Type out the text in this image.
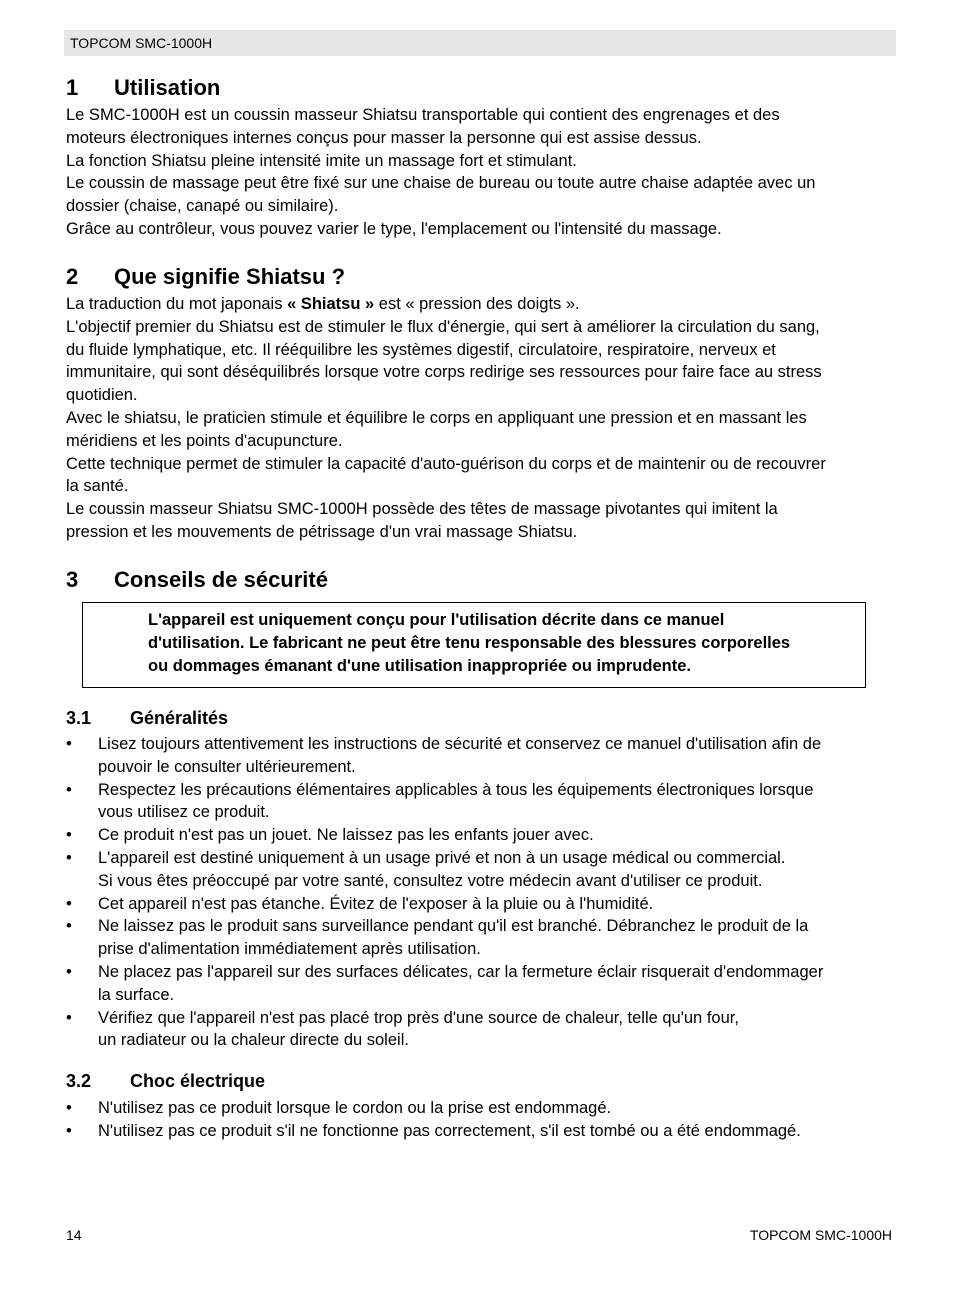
TOPCOM SMC-1000H
1 Utilisation

Le SMC-1000H est un coussin masseur Shiatsu transportable qui contient des engrenages et des

moteurs électroniques internes conçus pour masser la personne qui est assise dessus.

La fonction Shiatsu pleine intensité imite un massage fort et stimulant.

Le coussin de massage peut être fixé sur une chaise de bureau ou toute autre chaise adaptée avec un

dossier (chaise, canapé ou similaire).

Grâce au contrôleur, vous pouvez varier le type, l'emplacement ou l'intensité du massage.

2 Que signifie Shiatsu ?

La traduction du mot japonais « Shiatsu » est « pression des doigts ».

L'objectif premier du Shiatsu est de stimuler le flux d'énergie, qui sert à améliorer la circulation du sang,

du fluide lymphatique, etc. Il rééquilibre les systèmes digestif, circulatoire, respiratoire, nerveux et

immunitaire, qui sont déséquilibrés lorsque votre corps redirige ses ressources pour faire face au stress

quotidien.

Avec le shiatsu, le praticien stimule et équilibre le corps en appliquant une pression et en massant les

méridiens et les points d'acupuncture.

Cette technique permet de stimuler la capacité d'auto-guérison du corps et de maintenir ou de recouvrer

la santé.

Le coussin masseur Shiatsu SMC-1000H possède des têtes de massage pivotantes qui imitent la

pression et les mouvements de pétrissage d'un vrai massage Shiatsu.

3 Conseils de sécurité
L'appareil est uniquement conçu pour l'utilisation décrite dans ce manuel
d'utilisation. Le fabricant ne peut être tenu responsable des blessures corporelles
ou dommages émanant d'une utilisation inappropriée ou imprudente.
3.1 Généralités
• Lisez toujours attentivement les instructions de sécurité et conservez ce manuel d'utilisation afin de
pouvoir le consulter ultérieurement.
• Respectez les précautions élémentaires applicables à tous les équipements électroniques lorsque
vous utilisez ce produit.
• Ce produit n'est pas un jouet. Ne laissez pas les enfants jouer avec.
• L'appareil est destiné uniquement à un usage privé et non à un usage médical ou commercial.
Si vous êtes préoccupé par votre santé, consultez votre médecin avant d'utiliser ce produit.
• Cet appareil n'est pas étanche. Évitez de l'exposer à la pluie ou à l'humidité.
• Ne laissez pas le produit sans surveillance pendant qu'il est branché. Débranchez le produit de la
prise d'alimentation immédiatement après utilisation.
• Ne placez pas l'appareil sur des surfaces délicates, car la fermeture éclair risquerait d'endommager
la surface.
• Vérifiez que l'appareil n'est pas placé trop près d'une source de chaleur, telle qu'un four,
un radiateur ou la chaleur directe du soleil.
3.2 Choc électrique
• N'utilisez pas ce produit lorsque le cordon ou la prise est endommagé.
• N'utilisez pas ce produit s'il ne fonctionne pas correctement, s'il est tombé ou a été endommagé.
14	TOPCOM SMC-1000H
